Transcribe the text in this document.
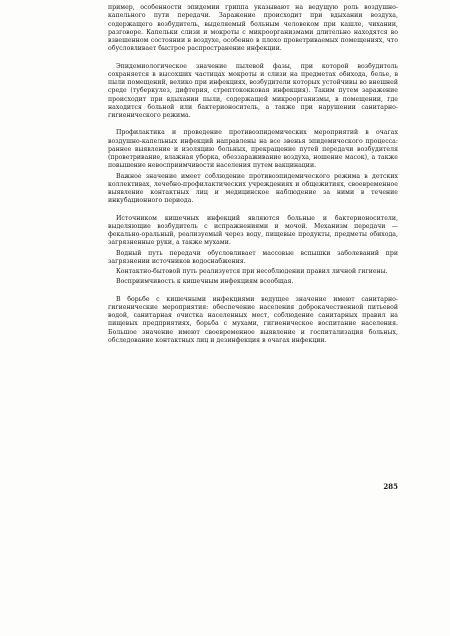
пример, особенности эпидемии гриппа указывают на ведущую роль воздушно-капельного пути передачи. Заражение происходит при вдыхании воздуха, содержащего возбудитель, выделяемый больным человеком при кашле, чихании, разговоре. Капельки слизи и мокроты с микроорганизмами длительно находятся во взвешенном состоянии в воздухе, особенно в плохо проветриваемых помещениях, что обусловливает быстрое распространение инфекции.

Эпидемиологическое значение пылевой фазы, при которой возбудитель сохраняется в высохших частицах мокроты и слизи на предметах обихода, белье, в пыли помещений, велико при инфекциях, возбудители которых устойчивы во внешней среде (туберкулез, дифтерия, стрептококковая инфекция). Таким путем заражение происходит при вдыхании пыли, содержащей микроорганизмы, в помещении, где находится больной или бактерионоситель, а также при нарушении санитарно-гигиенического режима.

Профилактика и проведение противоэпидемических мероприятий в очагах воздушно-капельных инфекций направлены на все звенья эпидемического процесса: раннее выявление и изоляцию больных, прекращение путей передачи возбудителя (проветривание, влажная уборка, обеззараживание воздуха, ношение масок), а также повышение невосприимчивости населения путем вакцинации.

Важное значение имеет соблюдение противоэпидемического режима в детских коллективах, лечебно-профилактических учреждениях и общежитиях, своевременное выявление контактных лиц и медицинское наблюдение за ними в течение инкубационного периода.

Источником кишечных инфекций являются больные и бактерионосители, выделяющие возбудитель с испражнениями и мочой. Механизм передачи — фекально-оральный, реализуемый через воду, пищевые продукты, предметы обихода, загрязненные руки, а также мухами.

Водный путь передачи обусловливает массовые вспышки заболеваний при загрязнении источников водоснабжения.

Контактно-бытовой путь реализуется при несоблюдении правил личной гигиены.

Восприимчивость к кишечным инфекциям всеобщая.

В борьбе с кишечными инфекциями ведущее значение имеют санитарно-гигиенические мероприятия: обеспечение населения доброкачественной питьевой водой, санитарная очистка населенных мест, соблюдение санитарных правил на пищевых предприятиях, борьба с мухами, гигиеническое воспитание населения. Большое значение имеют своевременное выявление и госпитализация больных, обследование контактных лиц и дезинфекция в очагах инфекции.

285
